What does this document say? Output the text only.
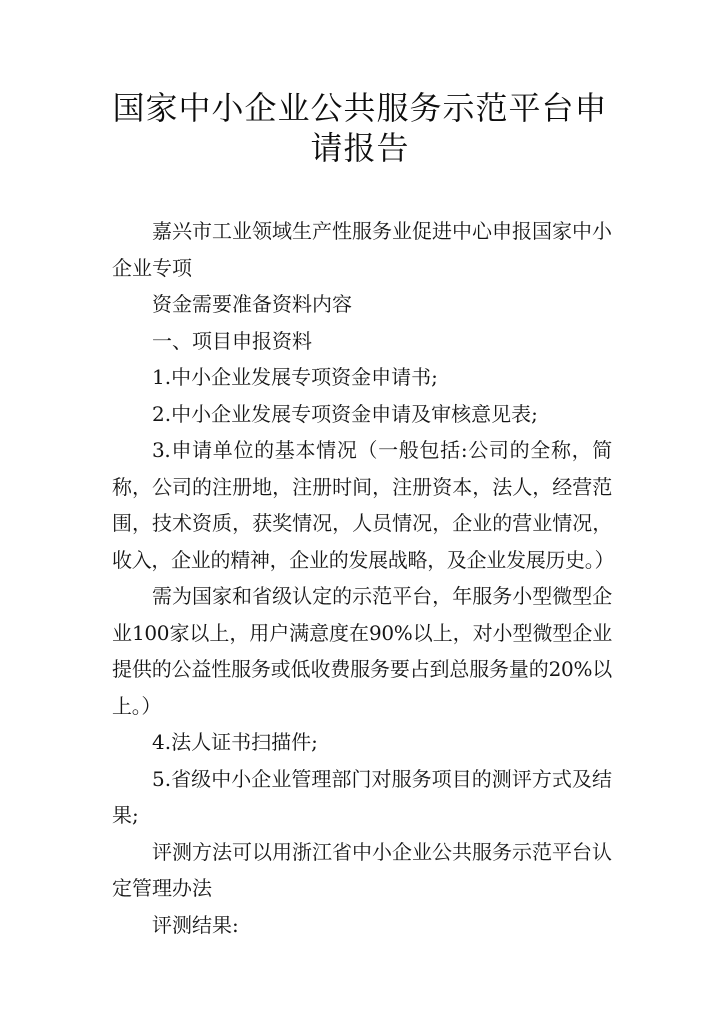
国家中小企业公共服务示范平台申请报告

嘉兴市工业领域生产性服务业促进中心申报国家中小企业专项

资金需要准备资料内容

一、项目申报资料

1.中小企业发展专项资金申请书;

2.中小企业发展专项资金申请及审核意见表;

3.申请单位的基本情况（一般包括:公司的全称，简称，公司的注册地，注册时间，注册资本，法人，经营范围，技术资质，获奖情况，人员情况，企业的营业情况，收入，企业的精神，企业的发展战略，及企业发展历史。）

需为国家和省级认定的示范平台，年服务小型微型企业100家以上，用户满意度在90%以上，对小型微型企业提供的公益性服务或低收费服务要占到总服务量的20%以上。）

4.法人证书扫描件;

5.省级中小企业管理部门对服务项目的测评方式及结果;

评测方法可以用浙江省中小企业公共服务示范平台认定管理办法

评测结果:
